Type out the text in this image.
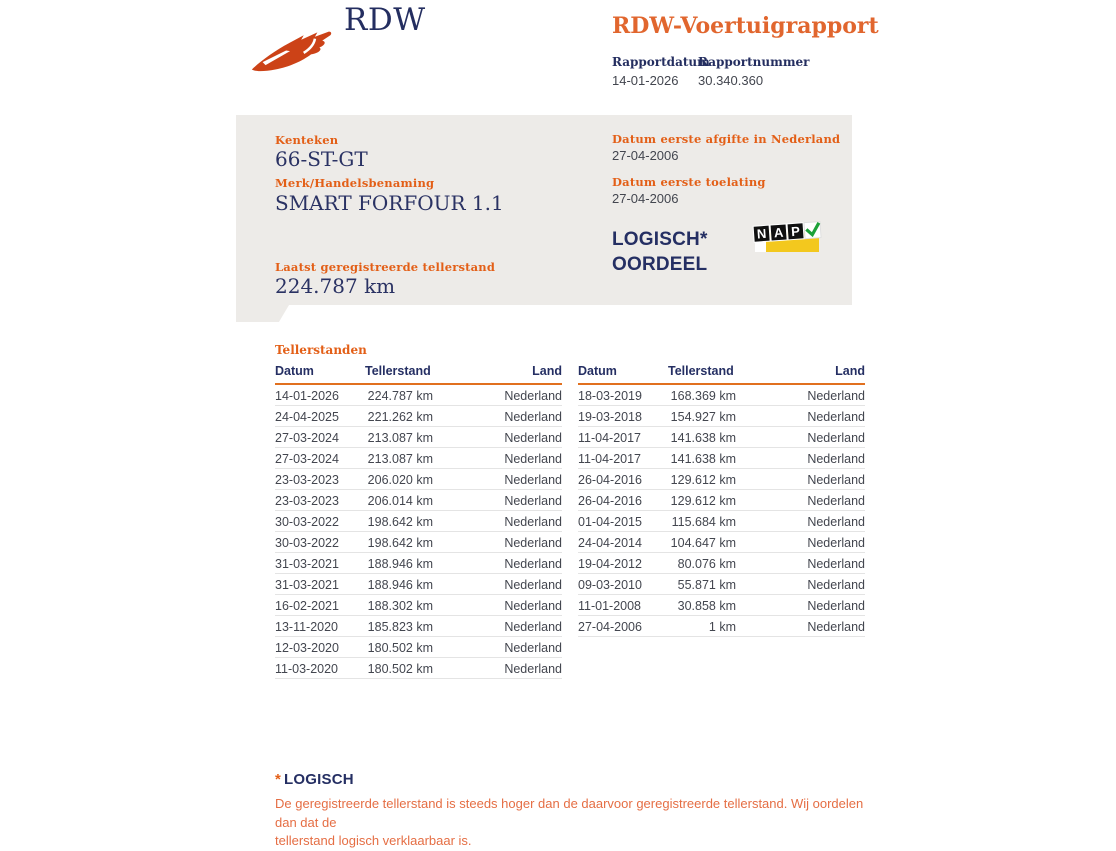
RDW	RDW-Voertuigrapport
Rapportdatum
14-01-2026
Rapportnummer
30.340.360
Kenteken
66-ST-GT
Merk/Handelsbenaming
SMART FORFOUR 1.1
Laatst geregistreerde tellerstand
224.787 km
Datum eerste afgifte in Nederland
27-04-2006
Datum eerste toelating
27-04-2006
LOGISCH*
OORDEEL
N A P
Tellerstanden
Datum	Tellerstand	Land
14-01-2026	224.787 km	Nederland
24-04-2025	221.262 km	Nederland
27-03-2024	213.087 km	Nederland
27-03-2024	213.087 km	Nederland
23-03-2023	206.020 km	Nederland
23-03-2023	206.014 km	Nederland
30-03-2022	198.642 km	Nederland
30-03-2022	198.642 km	Nederland
31-03-2021	188.946 km	Nederland
31-03-2021	188.946 km	Nederland
16-02-2021	188.302 km	Nederland
13-11-2020	185.823 km	Nederland
12-03-2020	180.502 km	Nederland
11-03-2020	180.502 km	Nederland
Datum	Tellerstand	Land
18-03-2019	168.369 km	Nederland
19-03-2018	154.927 km	Nederland
11-04-2017	141.638 km	Nederland
11-04-2017	141.638 km	Nederland
26-04-2016	129.612 km	Nederland
26-04-2016	129.612 km	Nederland
01-04-2015	115.684 km	Nederland
24-04-2014	104.647 km	Nederland
19-04-2012	80.076 km	Nederland
09-03-2010	55.871 km	Nederland
11-01-2008	30.858 km	Nederland
27-04-2006	1 km	Nederland
* LOGISCH
De geregistreerde tellerstand is steeds hoger dan de daarvoor geregistreerde tellerstand. Wij oordelen dan dat de
tellerstand logisch verklaarbaar is.
